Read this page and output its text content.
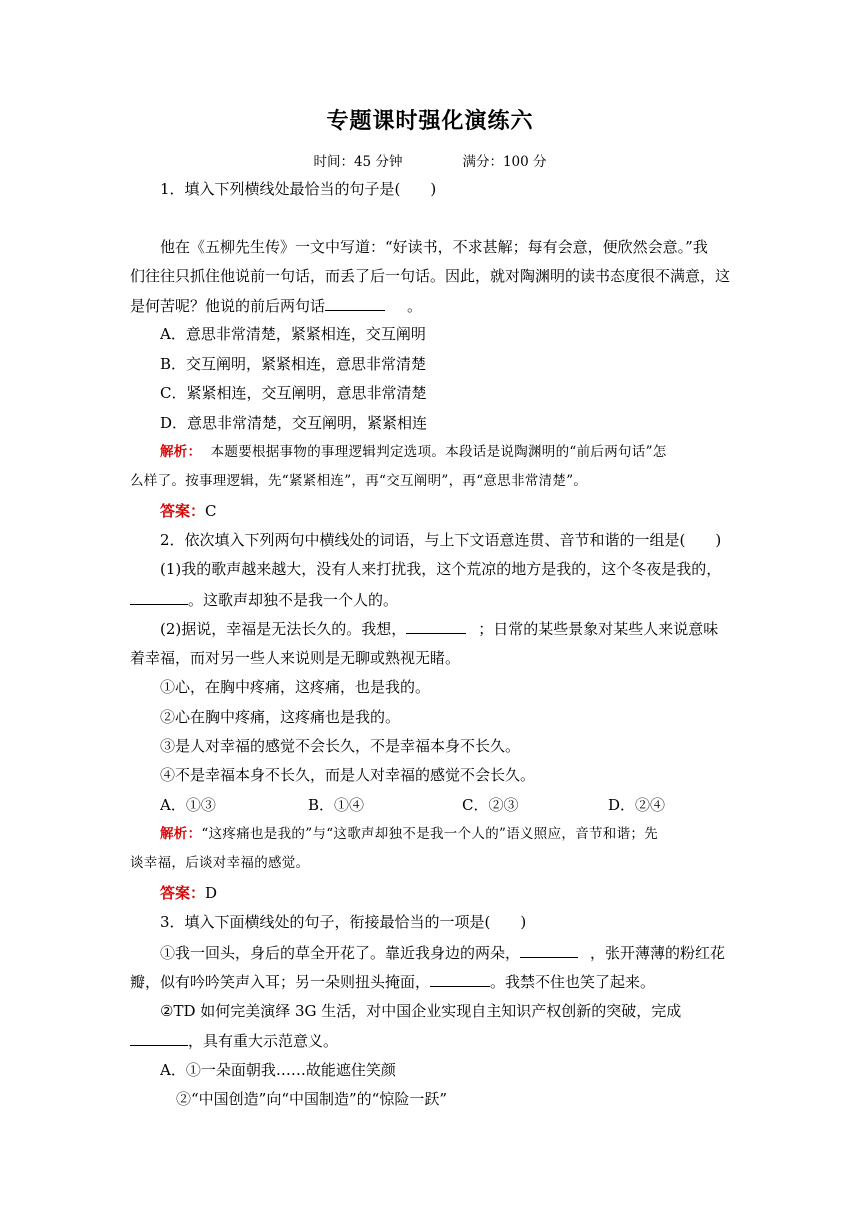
专题课时强化演练六
时间：45 分钟	满分：100 分
1．填入下列横线处最恰当的句子是(　　)
他在《五柳先生传》一文中写道：“好读书，不求甚解；每有会意，便欣然会意。”我
们往往只抓住他说前一句话，而丢了后一句话。因此，就对陶渊明的读书态度很不满意，这
是何苦呢？他说的前后两句话	。
A．意思非常清楚，紧紧相连，交互阐明
B．交互阐明，紧紧相连，意思非常清楚
C．紧紧相连，交互阐明，意思非常清楚
D．意思非常清楚，交互阐明，紧紧相连
解析： 本题要根据事物的事理逻辑判定选项。本段话是说陶渊明的“前后两句话”怎
么样了。按事理逻辑，先“紧紧相连”，再“交互阐明”，再“意思非常清楚”。
答案：C
2．依次填入下列两句中横线处的词语，与上下文语意连贯、音节和谐的一组是(　　)
(1)我的歌声越来越大，没有人来打扰我，这个荒凉的地方是我的，这个冬夜是我的，
。这歌声却独不是我一个人的。
(2)据说，幸福是无法长久的。我想，	；日常的某些景象对某些人来说意味
着幸福，而对另一些人来说则是无聊或熟视无睹。
①心，在胸中疼痛，这疼痛，也是我的。
②心在胸中疼痛，这疼痛也是我的。
③是人对幸福的感觉不会长久，不是幸福本身不长久。
④不是幸福本身不长久，而是人对幸福的感觉不会长久。
A．①③	B．①④	C．②③	D．②④
解析：“这疼痛也是我的”与“这歌声却独不是我一个人的”语义照应，音节和谐；先
谈幸福，后谈对幸福的感觉。
答案：D
3．填入下面横线处的句子，衔接最恰当的一项是(　　)
①我一回头，身后的草全开花了。靠近我身边的两朵，	，张开薄薄的粉红花
瓣，似有吟吟笑声入耳；另一朵则扭头掩面，	。我禁不住也笑了起来。
②TD 如何完美演绎 3G 生活，对中国企业实现自主知识产权创新的突破，完成
，具有重大示范意义。
A．①一朵面朝我……故能遮住笑颜
②“中国创造”向“中国制造”的“惊险一跃”
